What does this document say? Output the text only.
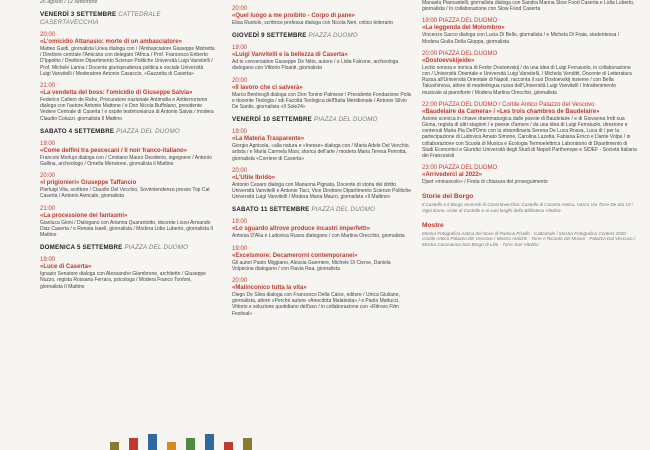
26 agosto / 12 settembre
VENERDÌ 3 SETTEMBRE CATTEDRALE CASERTAVECCHIA
20:00
«L'omicidio Attanasio: morte di un ambasciatore»
Matteo Guidi, giornalista Linea dialoga con / l'Ambasciatore Giuseppe Mistretta / Direttore centrale l'Amicizia con delegato l'Africa / Prof. Francesco Eriberto D'Ippolito / Direttore Dipartimento Scienze Politiche Università Luigi Vanvitelli / Prof. Michele Lanna / Docente giurisprudenza politica e sociale Università Luigi Vanvitelli / Moderatore Antonio Casaccio, «Gazzetta di Caserta»
21:00
«La vendetta del boss: l'omicidio di Giuseppe Salvia»
Federico Cafiero de Raho, Procuratore nazionale Antimafia e Antiterrorismo dialoga con l'autore Antonio Mattone / e Don Nicola Buffolano, presidente Vedere Centrale di Caserta / e ospite testimonianza di Antonio Salvia / modera Claudio Coluzzi, giornalista Il Mattino
SABATO 4 SETTEMBRE PIAZZA DEL DUOMO
19:00
«Come delfini tra pescecani / Il noir franco-italiano»
Francois Morlupi dialoga con / Cristiano Mauro Desiderio, ingegnere / Antonio Gallina, archeologo / Ornella Mensione, giornalista il Mattino
20:00
«I prigionieri» Giuseppe Taffancio
Pierluigi Vita, scrittore / Claudio Del Vecchio, Sovrintendenza presso Top Cat Caserta / Antonio Avincale, giornalista
21:00
«La processione dei fantasmi»
Gianluca Gioni / Dialogano con Arianna Quarantotto, docente Liceo Armando Diaz Caserta / e Renata Isaell, giornalista / Modera Lidia Luberto, giornalista Il Mattino
DOMENICA 5 SETTEMBRE PIAZZA DEL DUOMO
19:00
«Luce di Caserta»
Ignazio Senatore dialoga con Alessandro Giambrone, architetto / Giuseppe Nuzzo, regista Rossana Ferrara, psicologa / Modera Franco Tonfoni, giornalista Il Mattino
20:00
«Quel luogo a me proibito - Corpo di pane»
Elisa Ruotolo, scrittrice professa dialoga con Nicola Neri, critico letterario
GIOVEDÌ 9 SETTEMBRE PIAZZA DUOMO
19:00
«Luigi Vanvitelli e la bellezza di Caserta»
Ad te conversation Giuseppe De Nitto, autore / e Lidia Falcone, archeologa dialogano con Vittorio Pisanti, giornalista
20:00
«Il lavoro che ci salverà»
Marco Bentivogli dialoga con Don Tonino Palmese / Presidente Fondazione Polis e docente Teologia / sdi Facoltà Teologica dell'Italia Meridionale / Antonio Silvio De Santis, giornalista «Il Sole24»
VENERDÌ 10 SETTEMBRE PIAZZA DEL DUOMO
19:00
«La Materia Trasparente»
Giorgio Agnisola, «alla natura e «Inesse» dialoga con / Maria Adele Del Vecchio, artista / e Maria Carmela Masi, storica dell'arte / modera Maria Teresa Perrotta, giornalista «Corriere di Caserta»
20:00
«L'Utile Ibrido»
Antonio Cesaro dialoga con Marianna Pignata, Docente di storia del diritto Università Vanvitelli e Antonio Tisci, Vice Direttore Dipartimento Scienze Politiche Università Luigi Vanvitelli / Modera Maria Mauro, giornalista «Il Mattino»
SABATO 11 SETTEMBRE PIAZZA DEL DUOMO
19:00
«Lo sguardo altrove produce incastri imperfetti»
Antonia D'Alia e Ludovica Russo dialogano / con Martina Orecchio, giornalista
19:00
«Excelsmore: Decamerorni contemporanei»
Gli autori Paolo Miggiano, Alessia Guerriere, Michele Di Cierve, Daniela Volpecina dialogano / con Flavia Rea, giornalista
20:00
«Malinconico tutta la vita»
Diego De Silva dialoga con Francesco Della Calce, editore / Unica Giuliano, giornalista, attore «Perché autore «Anecdota Malatesta» / e Paola Mattucci, Vittorio e soluzione quotidiano dell'uso / in collaborazione con «Ritrovo Film Festival»
Manuela Piancastelli, giornalista dialoga con Sandra Manna Slow Food Caserta e Lidia Luberto, giornalista / In collaborazione con Slow Food Caserta
19:00 PIAZZA DEL DUOMO
«La leggenda del Molombro»
Vincenzo Sacco dialoga con Lucia Di Bello, giornalista / e Michela Di Fraia, studentessa / Modera Giulia Della Gioppa, giornalista
20:00 PIAZZA DEL DUOMO
«Dostoevskijeide»
Lectio sonora e ironica di Fedor Dostoevskij / da una idea di Luigi Ferraiuolo, in collaborazione con / Università Orientale e Università Luigi Vanvitelli, / Michela Venditti, Docente di Letteratura Russa all'Università Orientale di Napoli, racconta il suo Dostoevskij insieme / con Bella Takushinova, attore di madrelingua russa dell'Università Luigi Vanvitelli / Intrattenimento musicale al pianoforte / Modera Martina Orecchio, giornalista
22:00 PIAZZA DEL DUOMO / Cortile Antico Palazzo del Vescovo
«Baudelaire da Camera» / «Les trois chambres de Baudelaire»
Azione scenica in chiave drammaturgica dalle poesie di Baudelaire / e di Giovanna Irrdi sua Giona, regista di altri stagioni / e poesie d'amore / da una idea di Luigi Ferraiuolo, direzione e contenuti Maria Pia Dell'Omo con la straordinaria Serena De Luca Rossa, Luca di / per la partecipazione di Ludovica Amato Simone, Carolina Luzetta, Fabiana Errico e Dante Volpe / in collaborazione con Scuola di Musica e Ecologia Termoelettrica Laboratorio di Dipartimento di Studi Economici e Giuridici Università degli Studi di Napoli Parthenope e SIDEF - Società Italiana dei Francesisti
23:00 PIAZZA DEL DUOMO
«Arrivederci al 2022»
Djset «minuscolo» / Festa di chiusura del proseguimento
Storie del Borgo
Il Castello e il Borgo recensiti di Casertavecchia: Castello di Caserta Antica, Vasco Via Torre De Sio 19 / Ogni tiorno. visite al Castello e ai suoi luoghi della Biblioteca Vitolina
Mostre
Mostra Fotografica Antica del Novo di Patricia Pisullo · Cattedrale / Mostra Fotografica Contest 2020 · Cortile Antico Palazzo del Vescovo / Mostra Antiche · Torre e Ricordo del Museo · Palazzo Dal Vescovo / Mostra Casorianna San Borgo di Litio · Torre San Vitolino
